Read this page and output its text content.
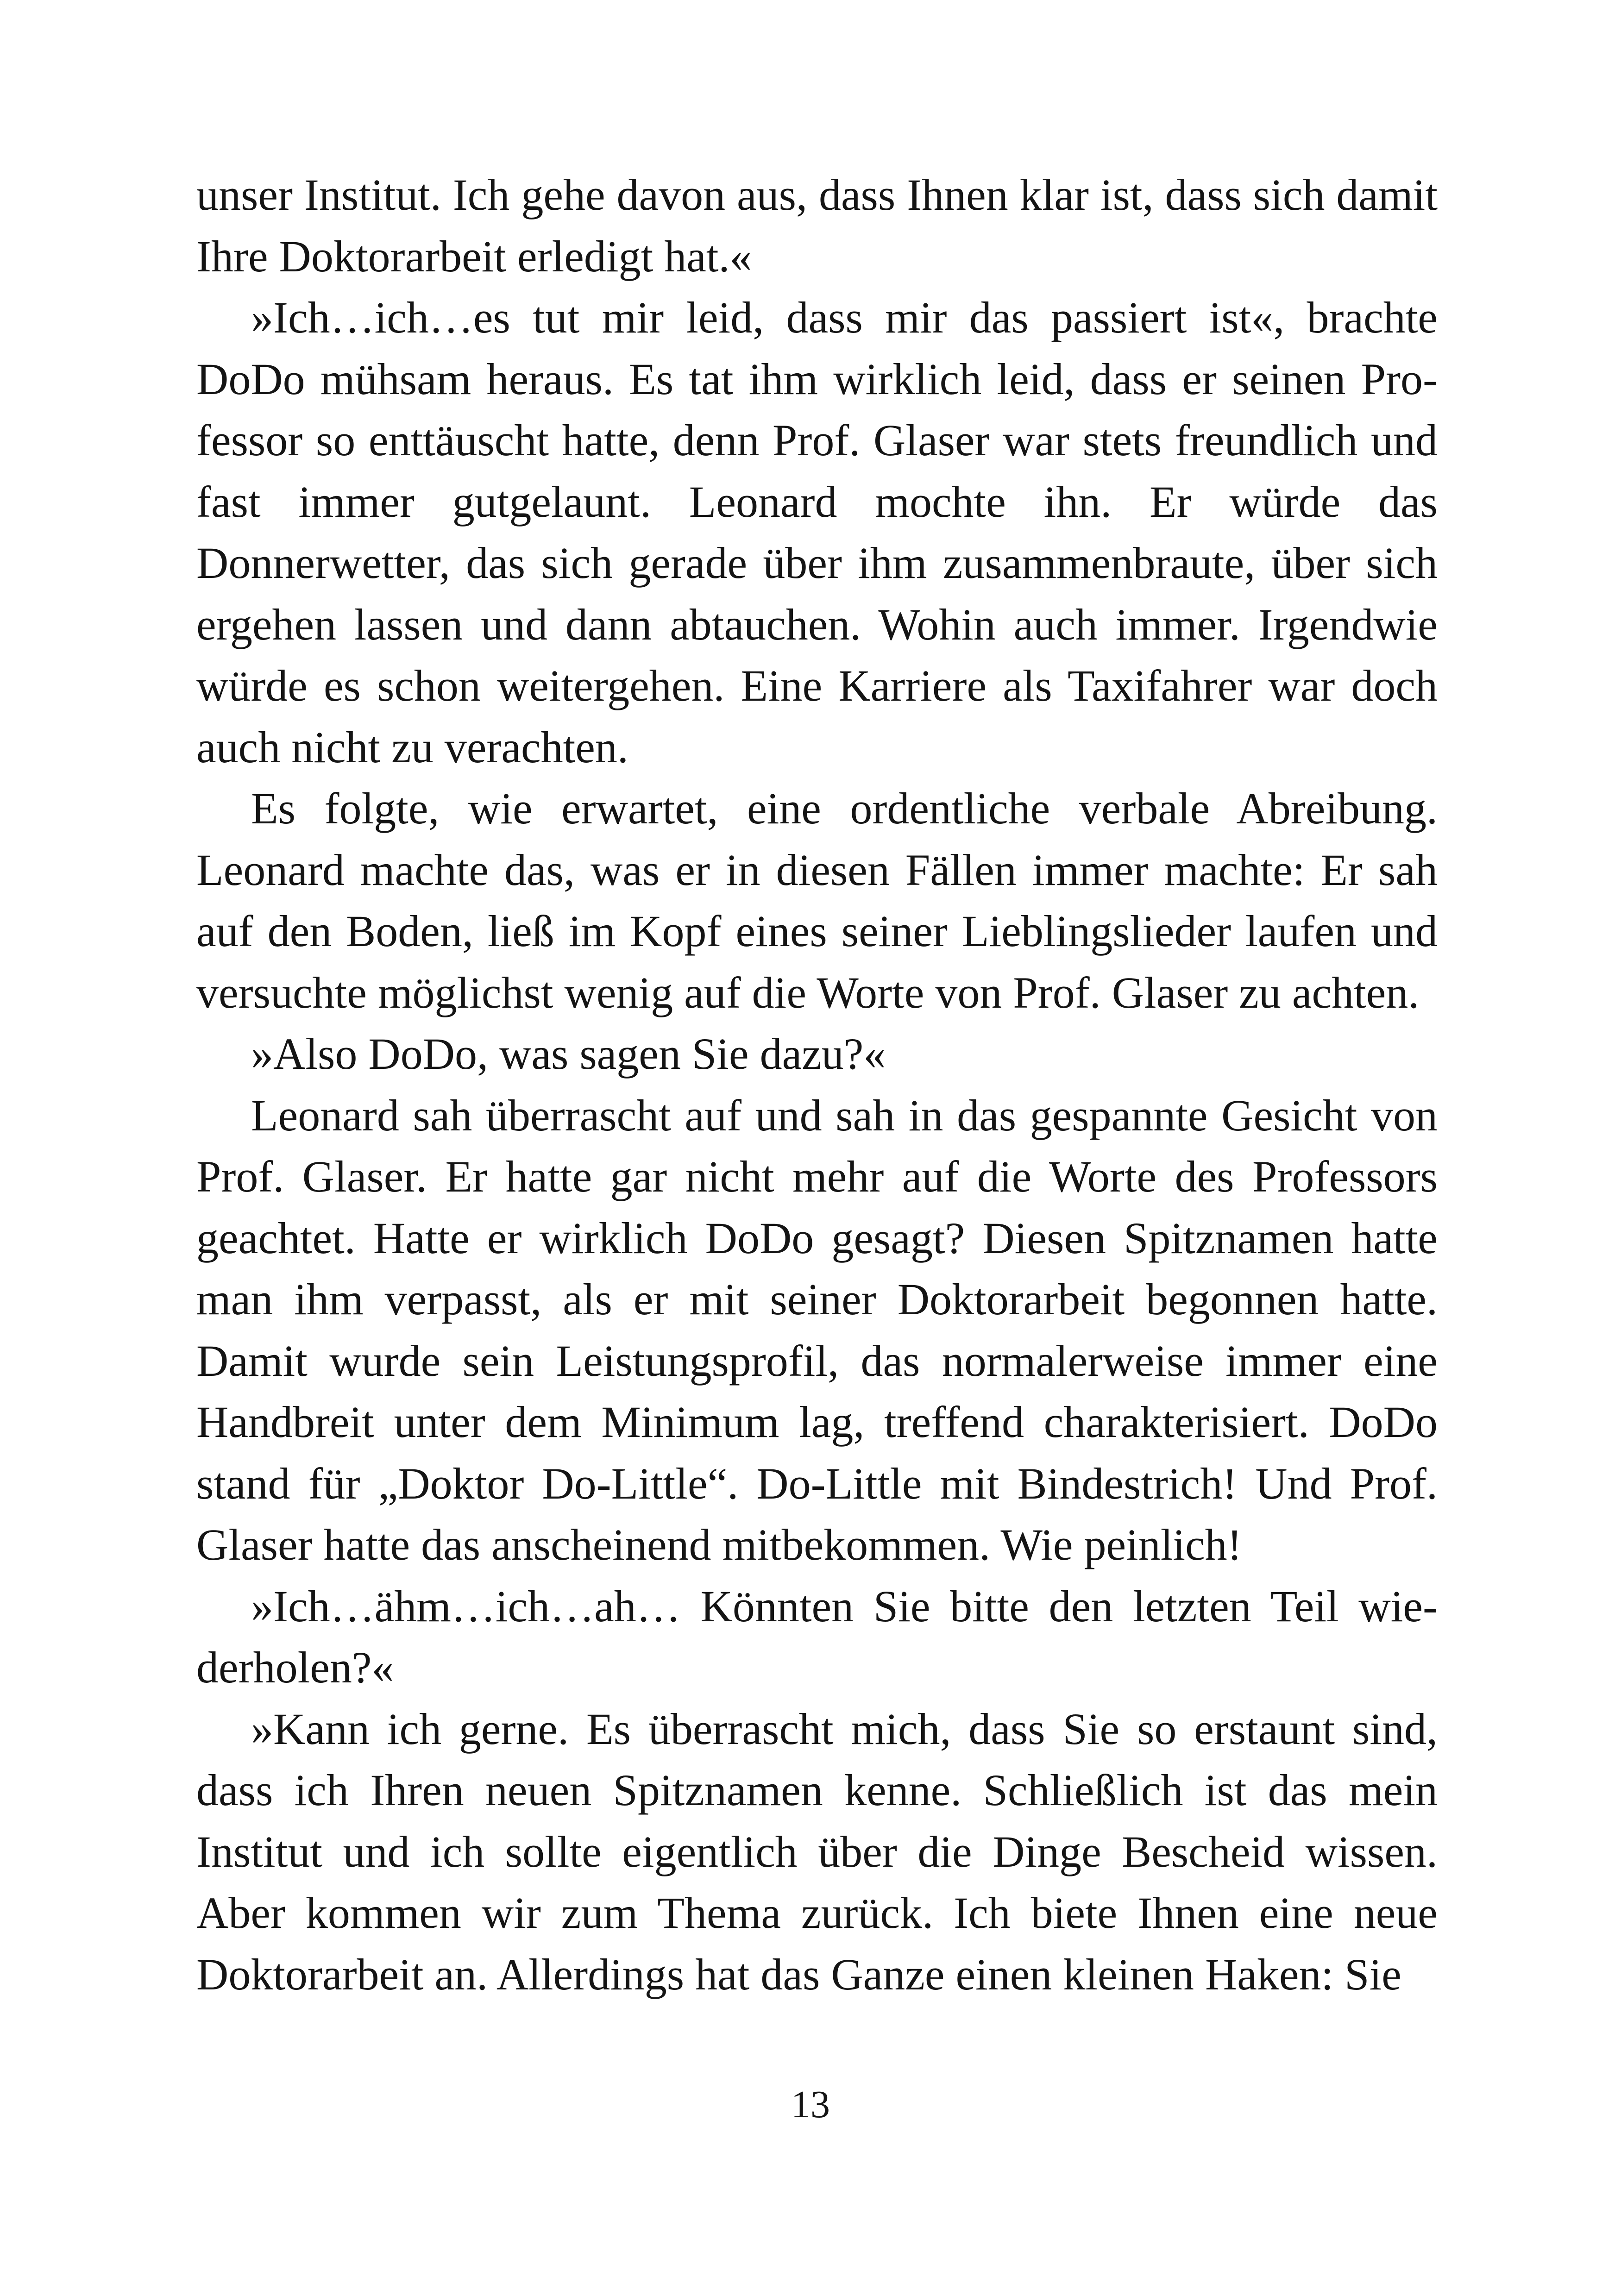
unser Institut. Ich gehe davon aus, dass Ihnen klar ist, dass sich damit Ihre Doktorarbeit erledigt hat.«

»Ich…ich…es tut mir leid, dass mir das passiert ist«, brachte DoDo mühsam heraus. Es tat ihm wirklich leid, dass er seinen Professor so enttäuscht hatte, denn Prof. Glaser war stets freundlich und fast immer gutgelaunt. Leonard mochte ihn. Er würde das Donnerwetter, das sich gerade über ihm zusammenbraute, über sich ergehen lassen und dann abtauchen. Wohin auch immer. Irgendwie würde es schon weitergehen. Eine Karriere als Taxifahrer war doch auch nicht zu verachten.

Es folgte, wie erwartet, eine ordentliche verbale Abreibung. Leonard machte das, was er in diesen Fällen immer machte: Er sah auf den Boden, ließ im Kopf eines seiner Lieblingslieder laufen und versuchte möglichst wenig auf die Worte von Prof. Glaser zu achten.

»Also DoDo, was sagen Sie dazu?«

Leonard sah überrascht auf und sah in das gespannte Gesicht von Prof. Glaser. Er hatte gar nicht mehr auf die Worte des Professors geachtet. Hatte er wirklich DoDo gesagt? Diesen Spitznamen hatte man ihm verpasst, als er mit seiner Doktorarbeit begonnen hatte. Damit wurde sein Leistungsprofil, das normalerweise immer eine Handbreit unter dem Minimum lag, treffend charakterisiert. DoDo stand für „Doktor Do-Little“. Do-Little mit Bindestrich! Und Prof. Glaser hatte das anscheinend mitbekommen. Wie peinlich!

»Ich…ähm…ich…ah… Könnten Sie bitte den letzten Teil wiederholen?«

»Kann ich gerne. Es überrascht mich, dass Sie so erstaunt sind, dass ich Ihren neuen Spitznamen kenne. Schließlich ist das mein Institut und ich sollte eigentlich über die Dinge Bescheid wissen. Aber kommen wir zum Thema zurück. Ich biete Ihnen eine neue Doktorarbeit an. Allerdings hat das Ganze einen kleinen Haken: Sie

13
